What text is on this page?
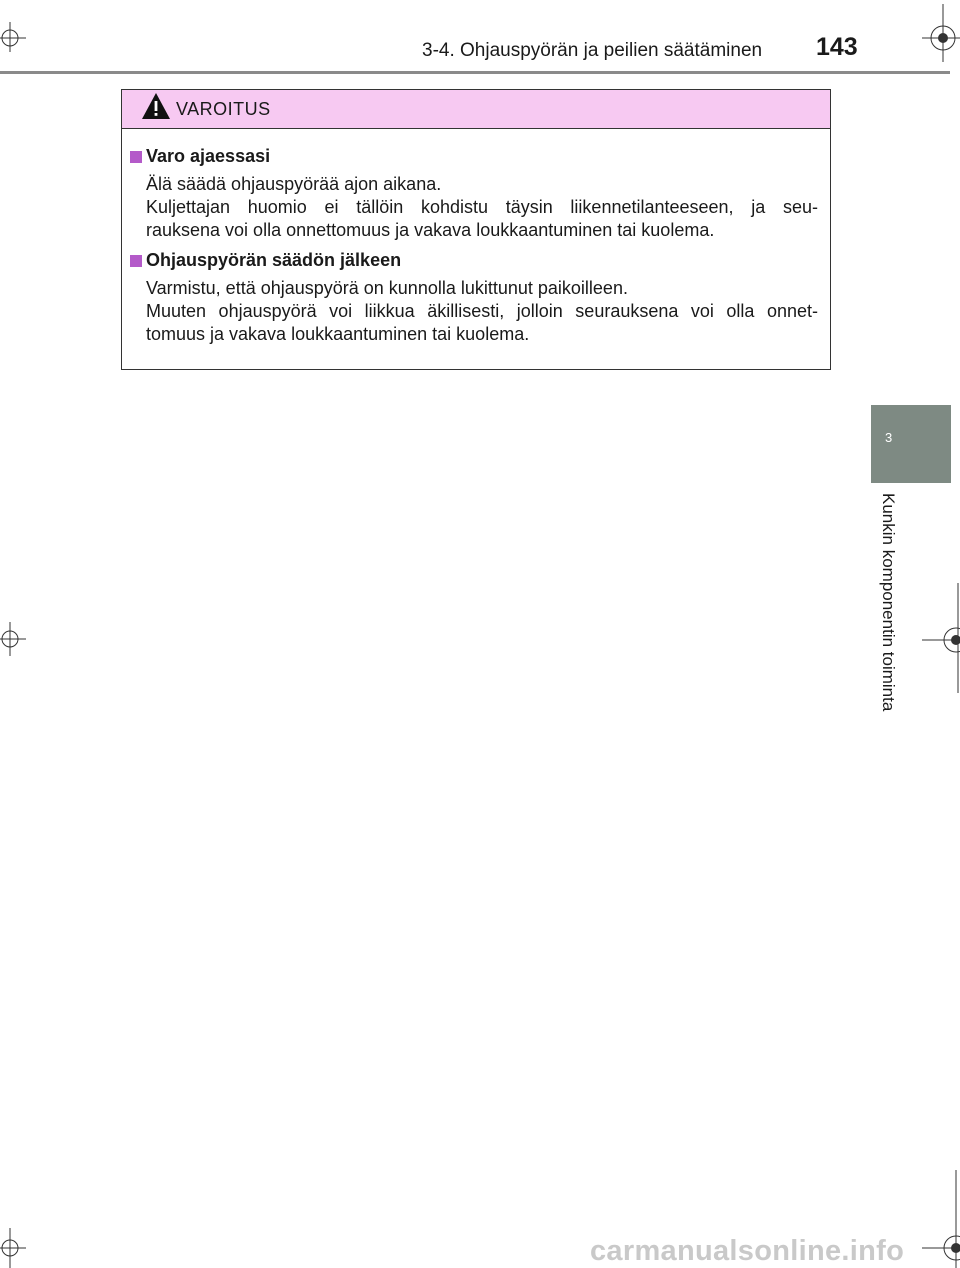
3-4. Ohjauspyörän ja peilien säätäminen 143
VAROITUS
Varo ajaessasi
Älä säädä ohjauspyörää ajon aikana.
Kuljettajan huomio ei tällöin kohdistu täysin liikennetilanteeseen, ja seu-
rauksena voi olla onnettomuus ja vakava loukkaantuminen tai kuolema.
Ohjauspyörän säädön jälkeen
Varmistu, että ohjauspyörä on kunnolla lukittunut paikoilleen.
Muuten ohjauspyörä voi liikkua äkillisesti, jolloin seurauksena voi olla onnet-
tomuus ja vakava loukkaantuminen tai kuolema.
3
Kunkin komponentin toiminta
carmanualsonline.info
